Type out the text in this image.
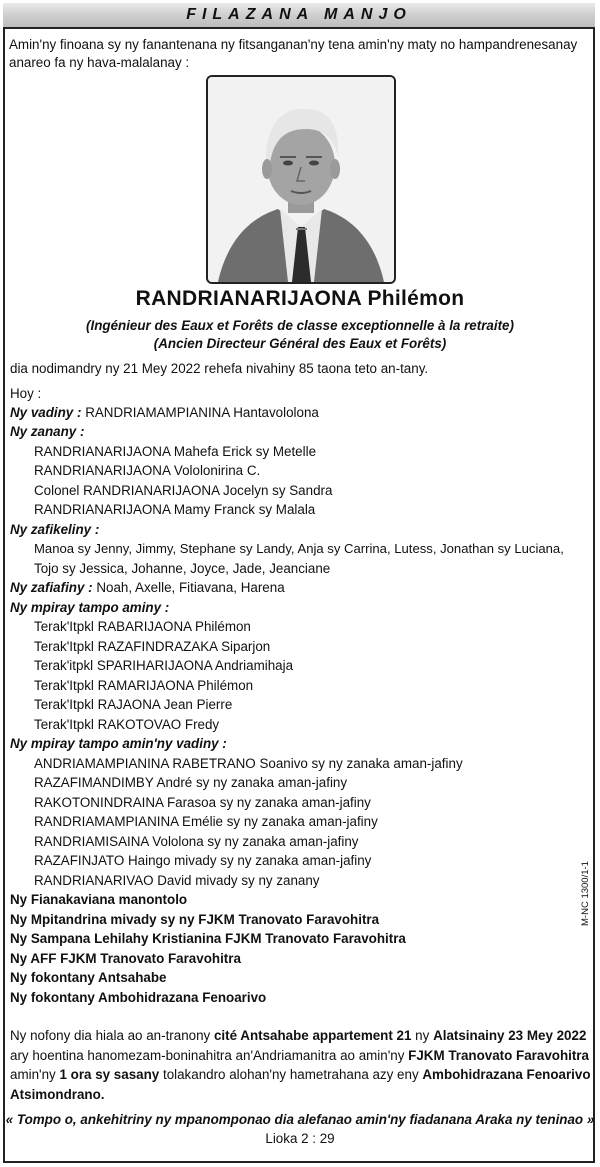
FILAZANA MANJO
Amin'ny finoana sy ny fanantenana ny fitsanganan'ny tena amin'ny maty no hampandrenesanay anareo fa ny hava-malalanay :
RANDRIANARIJAONA Philémon
(Ingénieur des Eaux et Forêts de classe exceptionnelle à la retraite)
(Ancien Directeur Général des Eaux et Forêts)
dia nodimandry ny 21 Mey 2022 rehefa nivahiny 85 taona teto an-tany.
Hoy :
Ny vadiny : RANDRIAMAMPIANINA Hantavololona
Ny zanany :
RANDRIANARIJAONA Mahefa Erick sy Metelle
RANDRIANARIJAONA Vololonirina C.
Colonel RANDRIANARIJAONA Jocelyn sy Sandra
RANDRIANARIJAONA Mamy Franck sy Malala
Ny zafikeliny :
Manoa sy Jenny, Jimmy, Stephane sy Landy, Anja sy Carrina, Lutess, Jonathan sy Luciana,
Tojo sy Jessica, Johanne, Joyce, Jade, Jeanciane
Ny zafiafiny : Noah, Axelle, Fitiavana, Harena
Ny mpiray tampo aminy :
Terak'Itpkl RABARIJAONA Philémon
Terak'Itpkl RAZAFINDRAZAKA Siparjon
Terak'itpkl SPARIHARIJAONA Andriamihaja
Terak'Itpkl RAMARIJAONA Philémon
Terak'Itpkl RAJAONA Jean Pierre
Terak'Itpkl RAKOTOVAO Fredy
Ny mpiray tampo amin'ny vadiny :
ANDRIAMAMPIANINA RABETRANO Soanivo sy ny zanaka aman-jafiny
RAZAFIMANDIMBY André sy ny zanaka aman-jafiny
RAKOTONINDRAINA Farasoa sy ny zanaka aman-jafiny
RANDRIAMAMPIANINA Emélie sy ny zanaka aman-jafiny
RANDRIAMISAINA Vololona sy ny zanaka aman-jafiny
RAZAFINJATO Haingo mivady sy ny zanaka aman-jafiny
RANDRIANARIVAO David mivady sy ny zanany
Ny Fianakaviana manontolo
Ny Mpitandrina mivady sy ny FJKM Tranovato Faravohitra
Ny Sampana Lehilahy Kristianina FJKM Tranovato Faravohitra
Ny AFF FJKM Tranovato Faravohitra
Ny fokontany Antsahabe
Ny fokontany Ambohidrazana Fenoarivo
M-NC 1300/1-1
Ny nofony dia hiala ao an-tranony cité Antsahabe appartement 21 ny Alatsinainy 23 Mey 2022 ary hoentina hanomezam-boninahitra an'Andriamanitra ao amin'ny FJKM Tranovato Faravohitra amin'ny 1 ora sy sasany tolakandro alohan'ny hametrahana azy eny Ambohidrazana Fenoarivo Atsimondrano.
« Tompo o, ankehitriny ny mpanomponao dia alefanao amin'ny fiadanana Araka ny teninao »
Lioka 2 : 29
